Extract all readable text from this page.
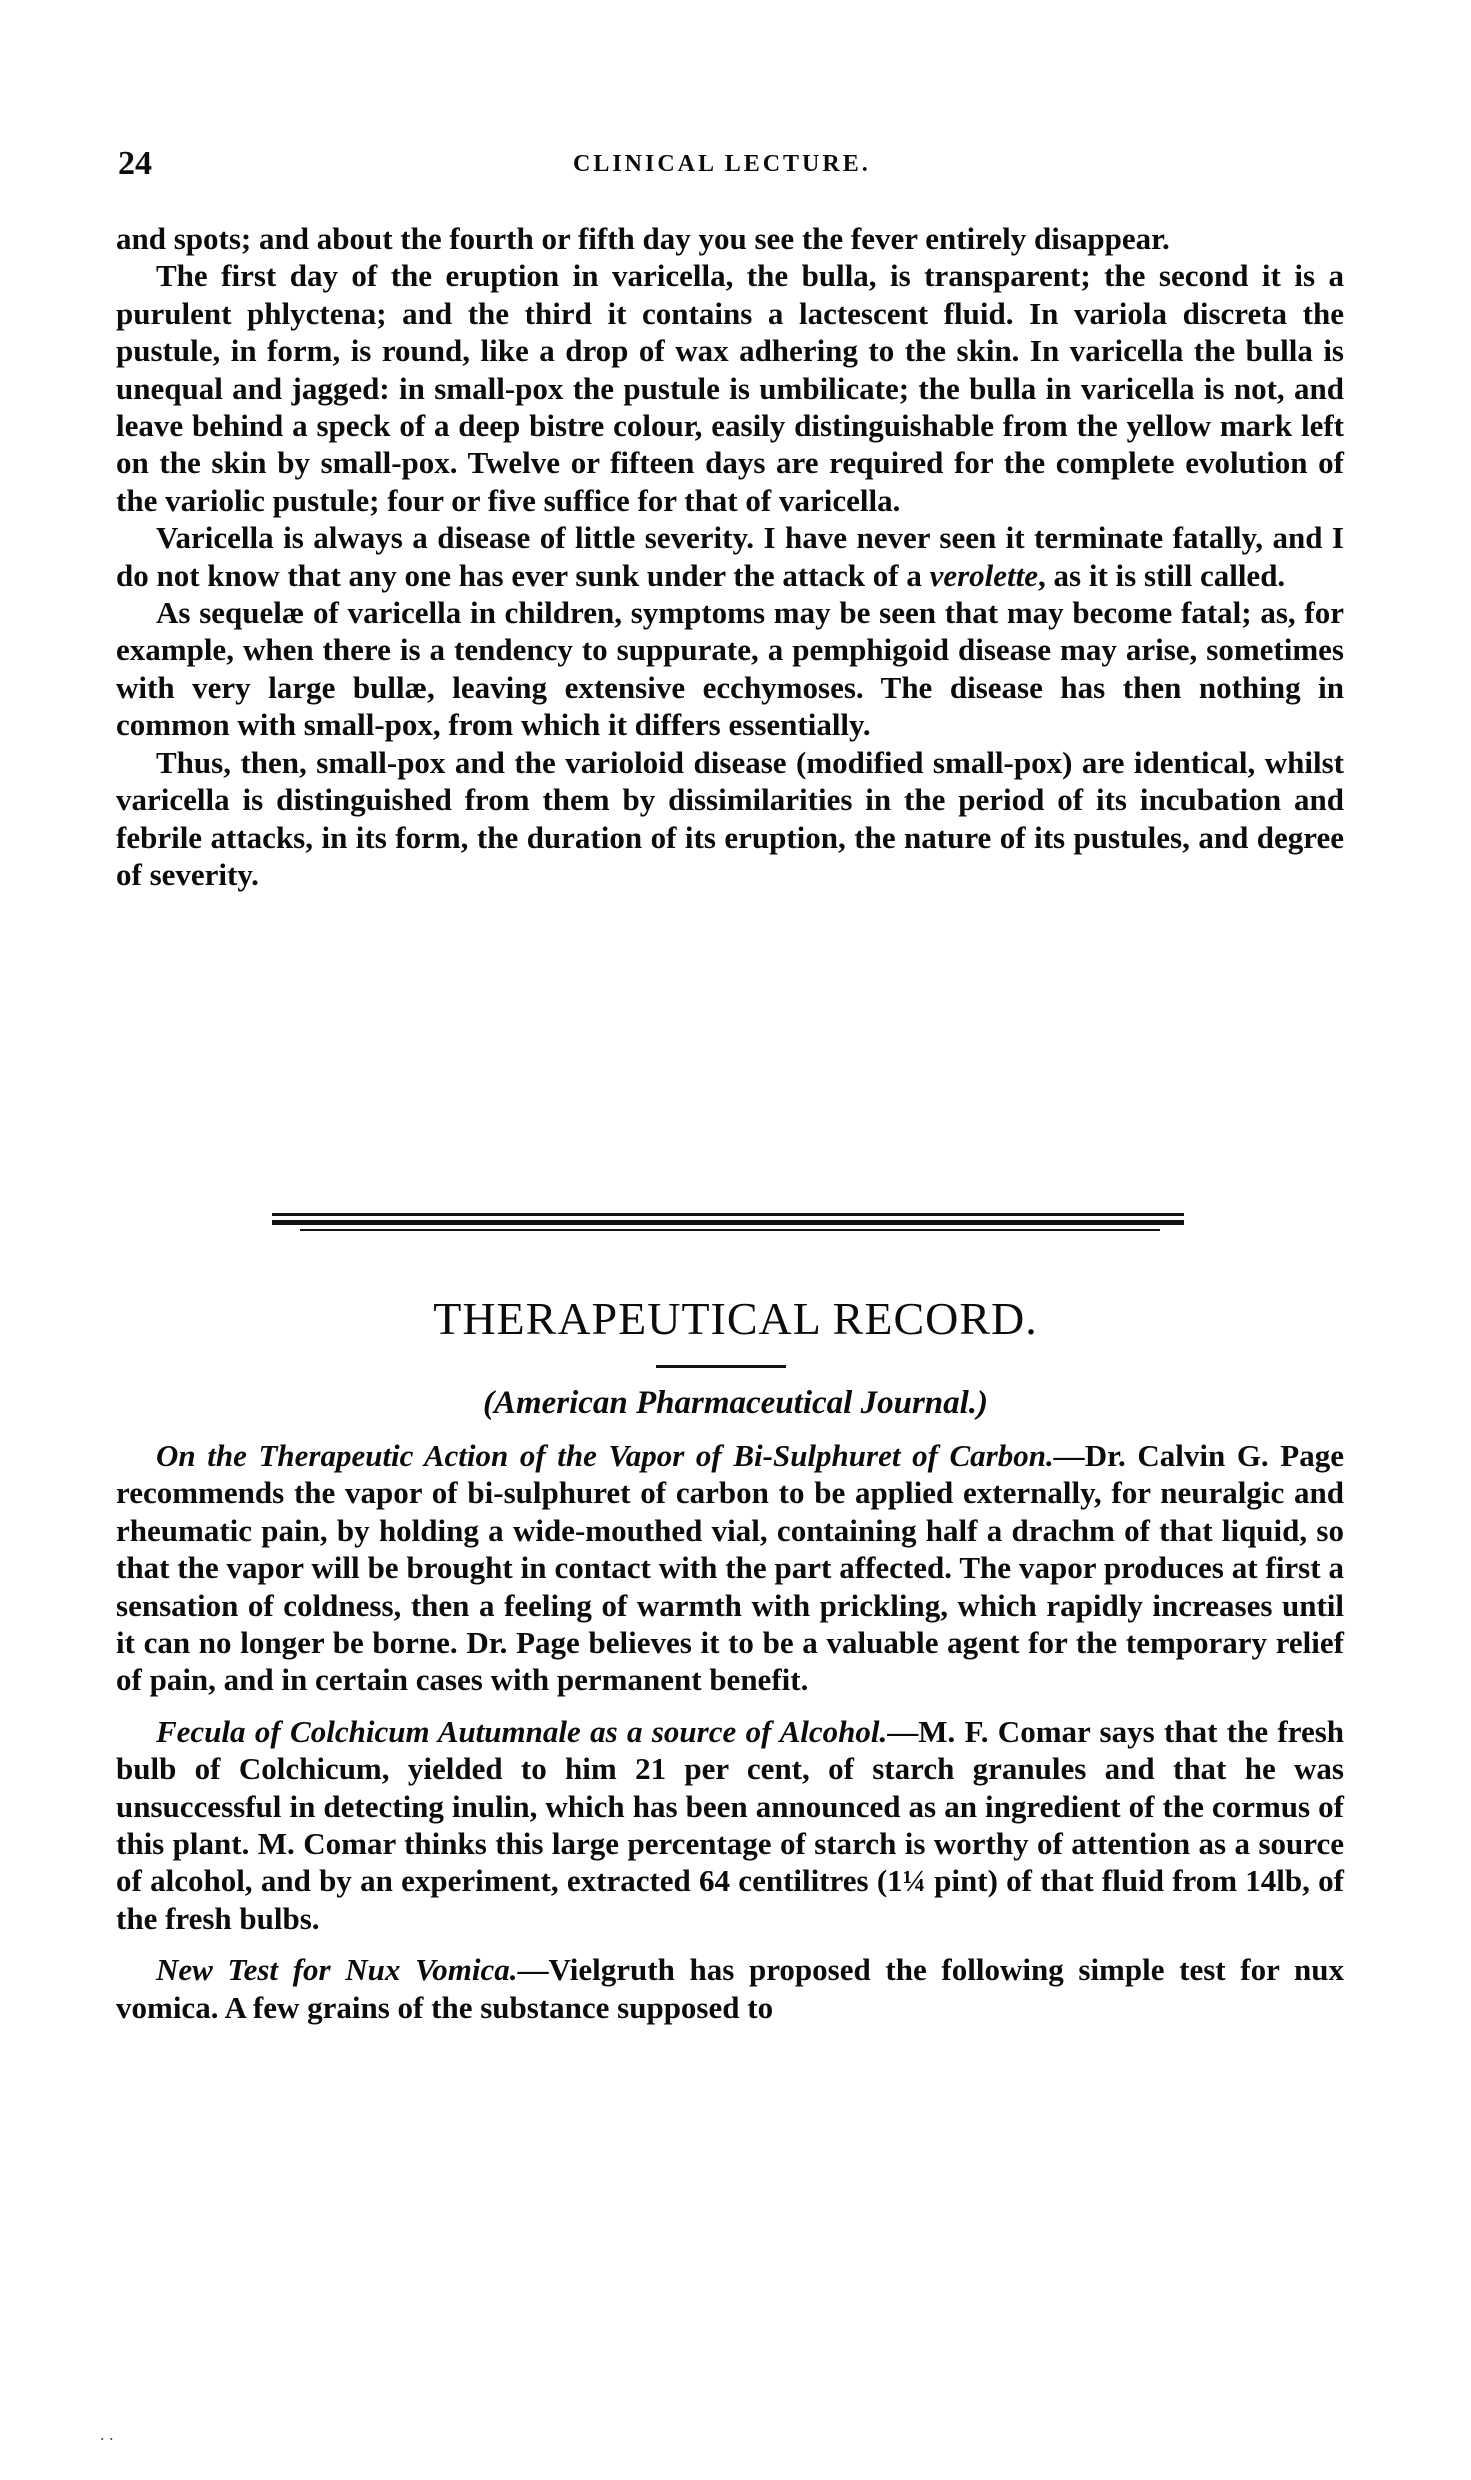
24	CLINICAL LECTURE.

and spots; and about the fourth or fifth day you see the fever entirely disappear.

The first day of the eruption in varicella, the bulla, is transparent; the second it is a purulent phlyctena; and the third it contains a lactescent fluid. In variola discreta the pustule, in form, is round, like a drop of wax adhering to the skin. In varicella the bulla is unequal and jagged: in small-pox the pustule is umbilicate; the bulla in varicella is not, and leave behind a speck of a deep bistre colour, easily distinguishable from the yellow mark left on the skin by small-pox. Twelve or fifteen days are required for the complete evolution of the variolic pustule; four or five suffice for that of varicella.

Varicella is always a disease of little severity. I have never seen it terminate fatally, and I do not know that any one has ever sunk under the attack of a verolette, as it is still called.

As sequelæ of varicella in children, symptoms may be seen that may become fatal; as, for example, when there is a tendency to suppurate, a pemphigoid disease may arise, sometimes with very large bullæ, leaving extensive ecchymoses. The disease has then nothing in common with small-pox, from which it differs essentially.

Thus, then, small-pox and the varioloid disease (modified small-pox) are identical, whilst varicella is distinguished from them by dissimilarities in the period of its incubation and febrile attacks, in its form, the duration of its eruption, the nature of its pustules, and degree of severity.

THERAPEUTICAL RECORD.
(American Pharmaceutical Journal.)

On the Therapeutic Action of the Vapor of Bi-Sulphuret of Carbon.—Dr. Calvin G. Page recommends the vapor of bi-sulphuret of carbon to be applied externally, for neuralgic and rheumatic pain, by holding a wide-mouthed vial, containing half a drachm of that liquid, so that the vapor will be brought in contact with the part affected. The vapor produces at first a sensation of coldness, then a feeling of warmth with prickling, which rapidly increases until it can no longer be borne. Dr. Page believes it to be a valuable agent for the temporary relief of pain, and in certain cases with permanent benefit.

Fecula of Colchicum Autumnale as a source of Alcohol.—M. F. Comar says that the fresh bulb of Colchicum, yielded to him 21 per cent, of starch granules and that he was unsuccessful in detecting inulin, which has been announced as an ingredient of the cormus of this plant. M. Comar thinks this large percentage of starch is worthy of attention as a source of alcohol, and by an experiment, extracted 64 centilitres (1¼ pint) of that fluid from 14lb, of the fresh bulbs.

New Test for Nux Vomica.—Vielgruth has proposed the following simple test for nux vomica. A few grains of the substance supposed to

. .
